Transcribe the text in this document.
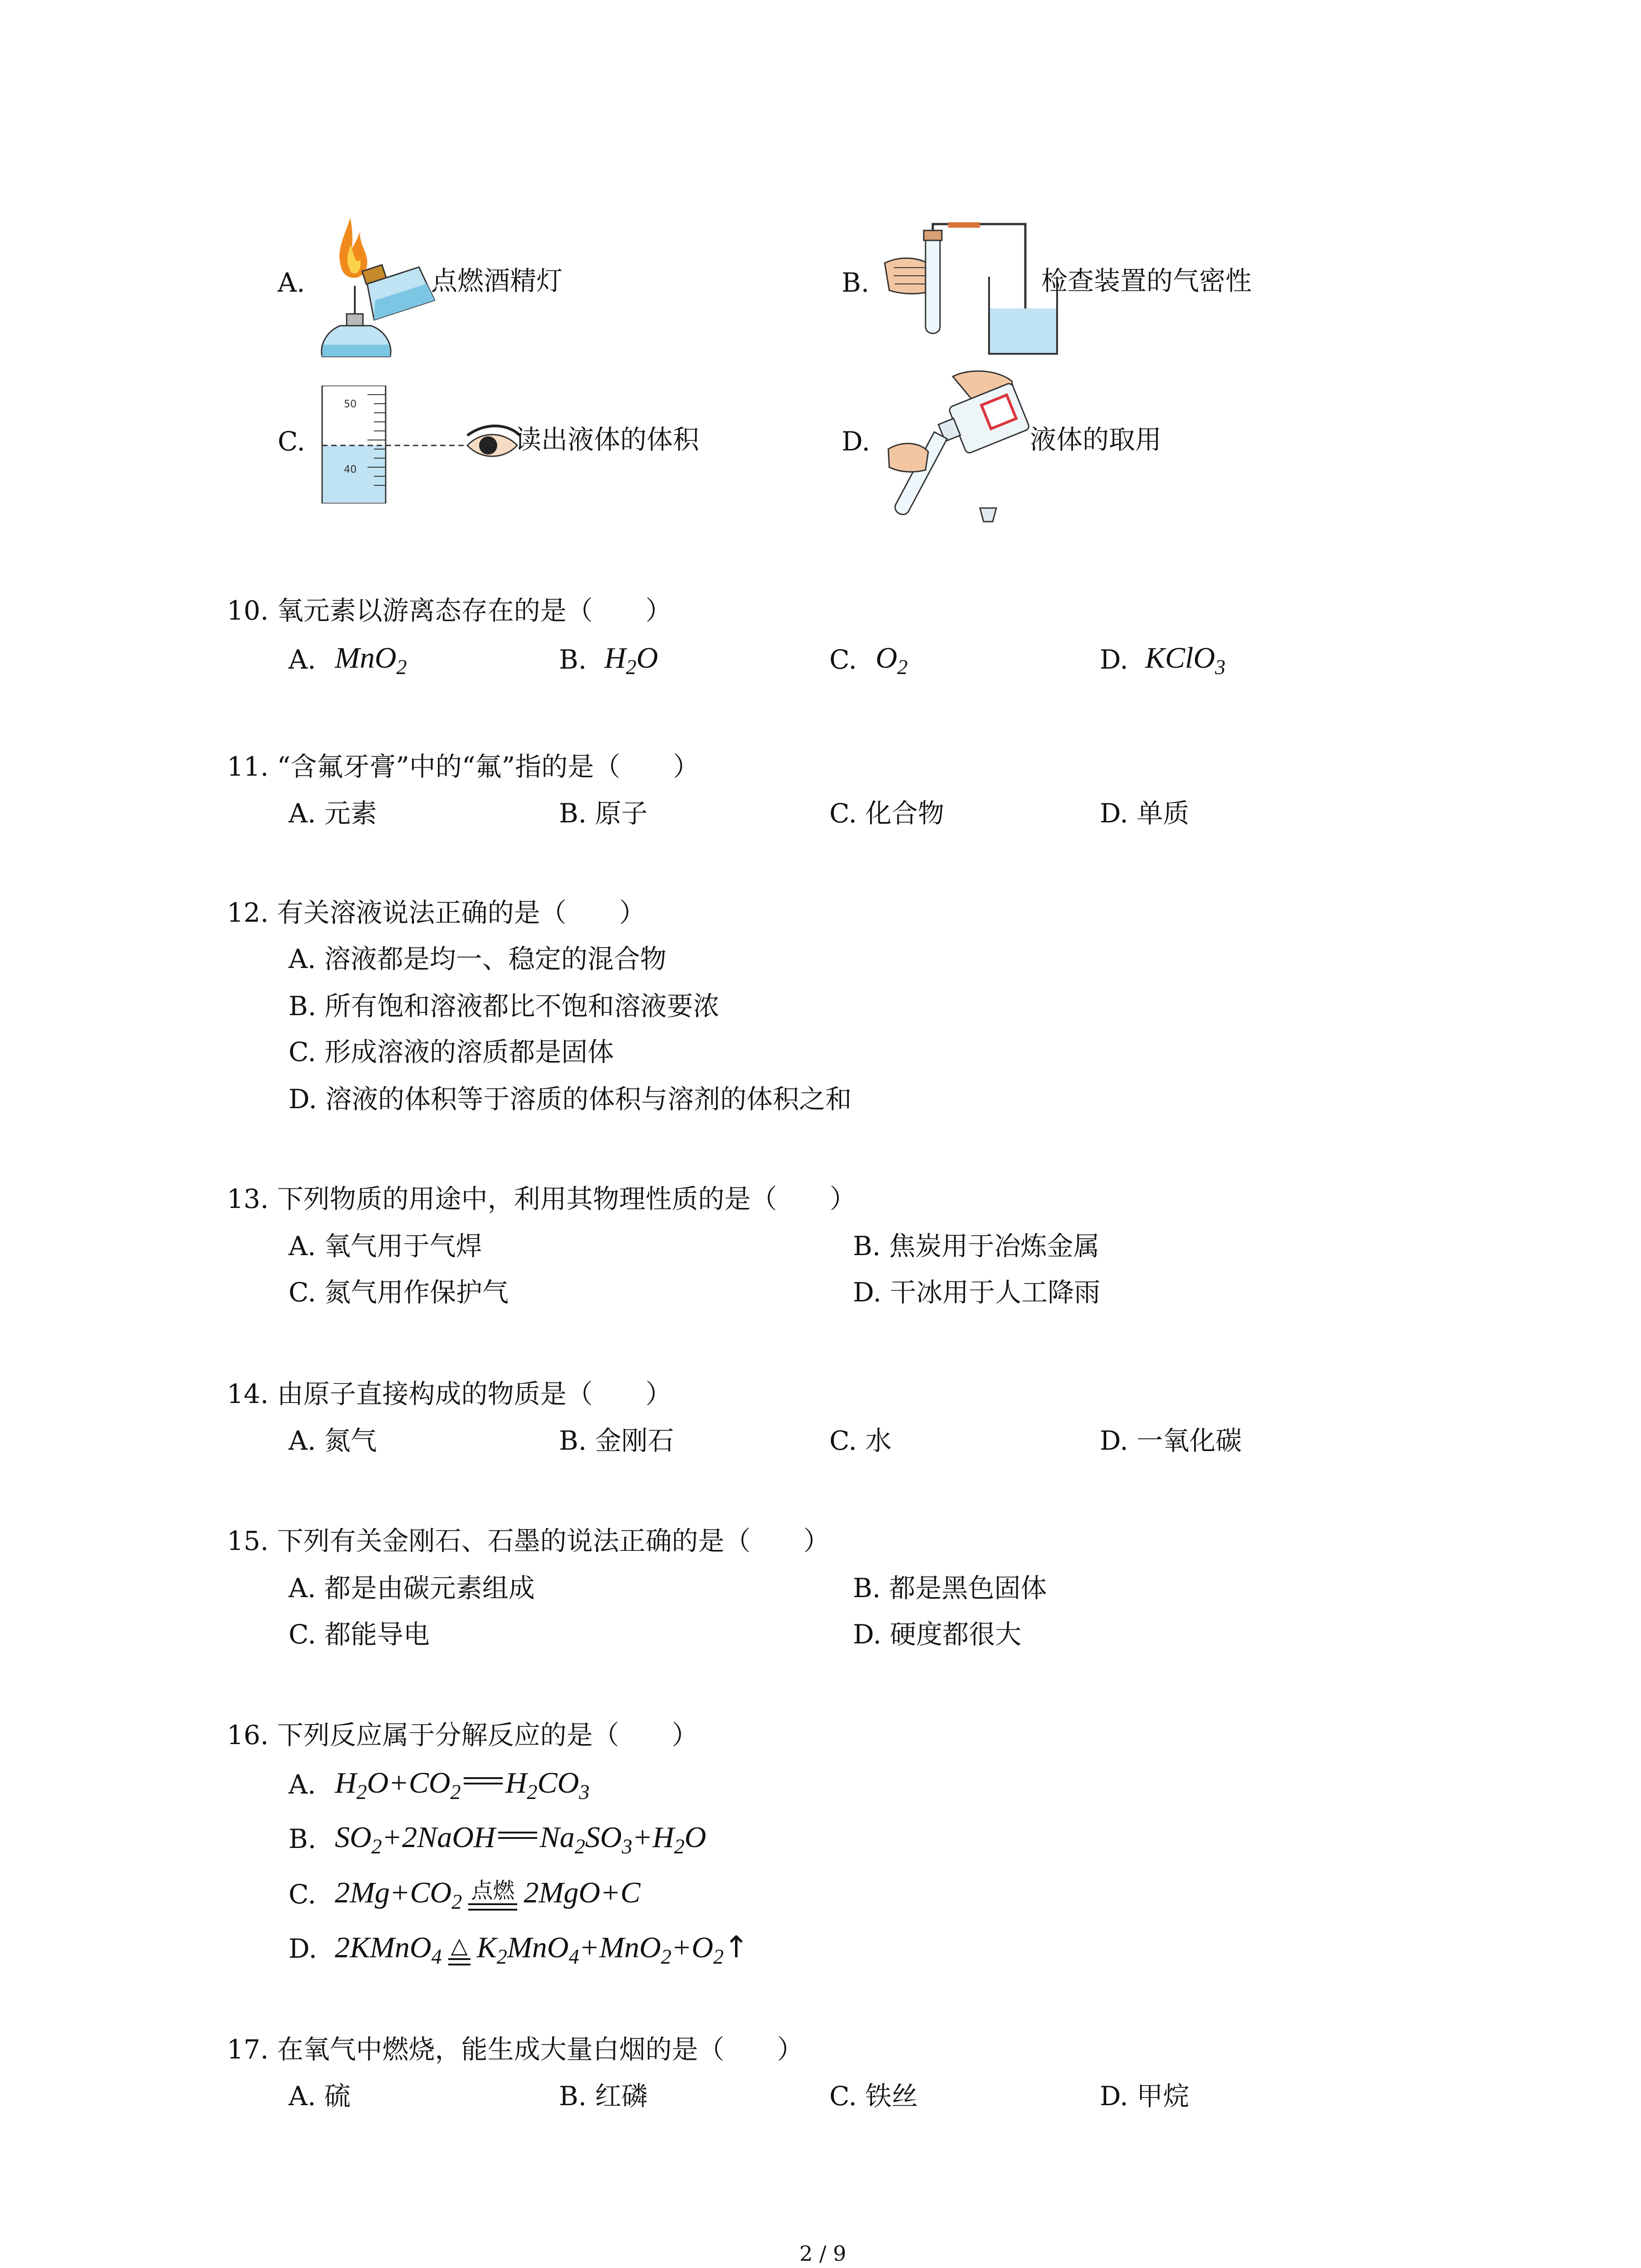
A.	点燃酒精灯	B.	检查装置的气密性
C.
50
40
读出液体的体积	D.	液体的取用
10. 氧元素以游离态存在的是（　　）
A. MnO$_2$	B. $H_2O$	C. $O_2$	D. KClO$_3$
11. “含氟牙膏”中的“氟”指的是（　　）
A. 元素	B. 原子	C. 化合物	D. 单质
12. 有关溶液说法正确的是（　　）
A. 溶液都是均一、稳定的混合物
B. 所有饱和溶液都比不饱和溶液要浓
C. 形成溶液的溶质都是固体
D. 溶液的体积等于溶质的体积与溶剂的体积之和
13. 下列物质的用途中，利用其物理性质的是（　　）
A. 氧气用于气焊	B. 焦炭用于冶炼金属
C. 氮气用作保护气	D. 干冰用于人工降雨
14. 由原子直接构成的物质是（　　）
A. 氮气	B. 金刚石	C. 水	D. 一氧化碳
15. 下列有关金刚石、石墨的说法正确的是（　　）
A. 都是由碳元素组成	B. 都是黑色固体
C. 都能导电	D. 硬度都很大
16. 下列反应属于分解反应的是（　　）
A. $H_2O+CO_2$ $H_2CO_3$
B. $SO_2+2NaOH$ $Na_2SO_3+H_2O$
C. $2Mg+CO_2$ 点燃 2MgO+C
D. 2KMnO$_4$ △ $K_2MnO_4+MnO_2+O_2↑$
17. 在氧气中燃烧，能生成大量白烟的是（　　）
A. 硫	B. 红磷	C. 铁丝	D. 甲烷
2 / 9
